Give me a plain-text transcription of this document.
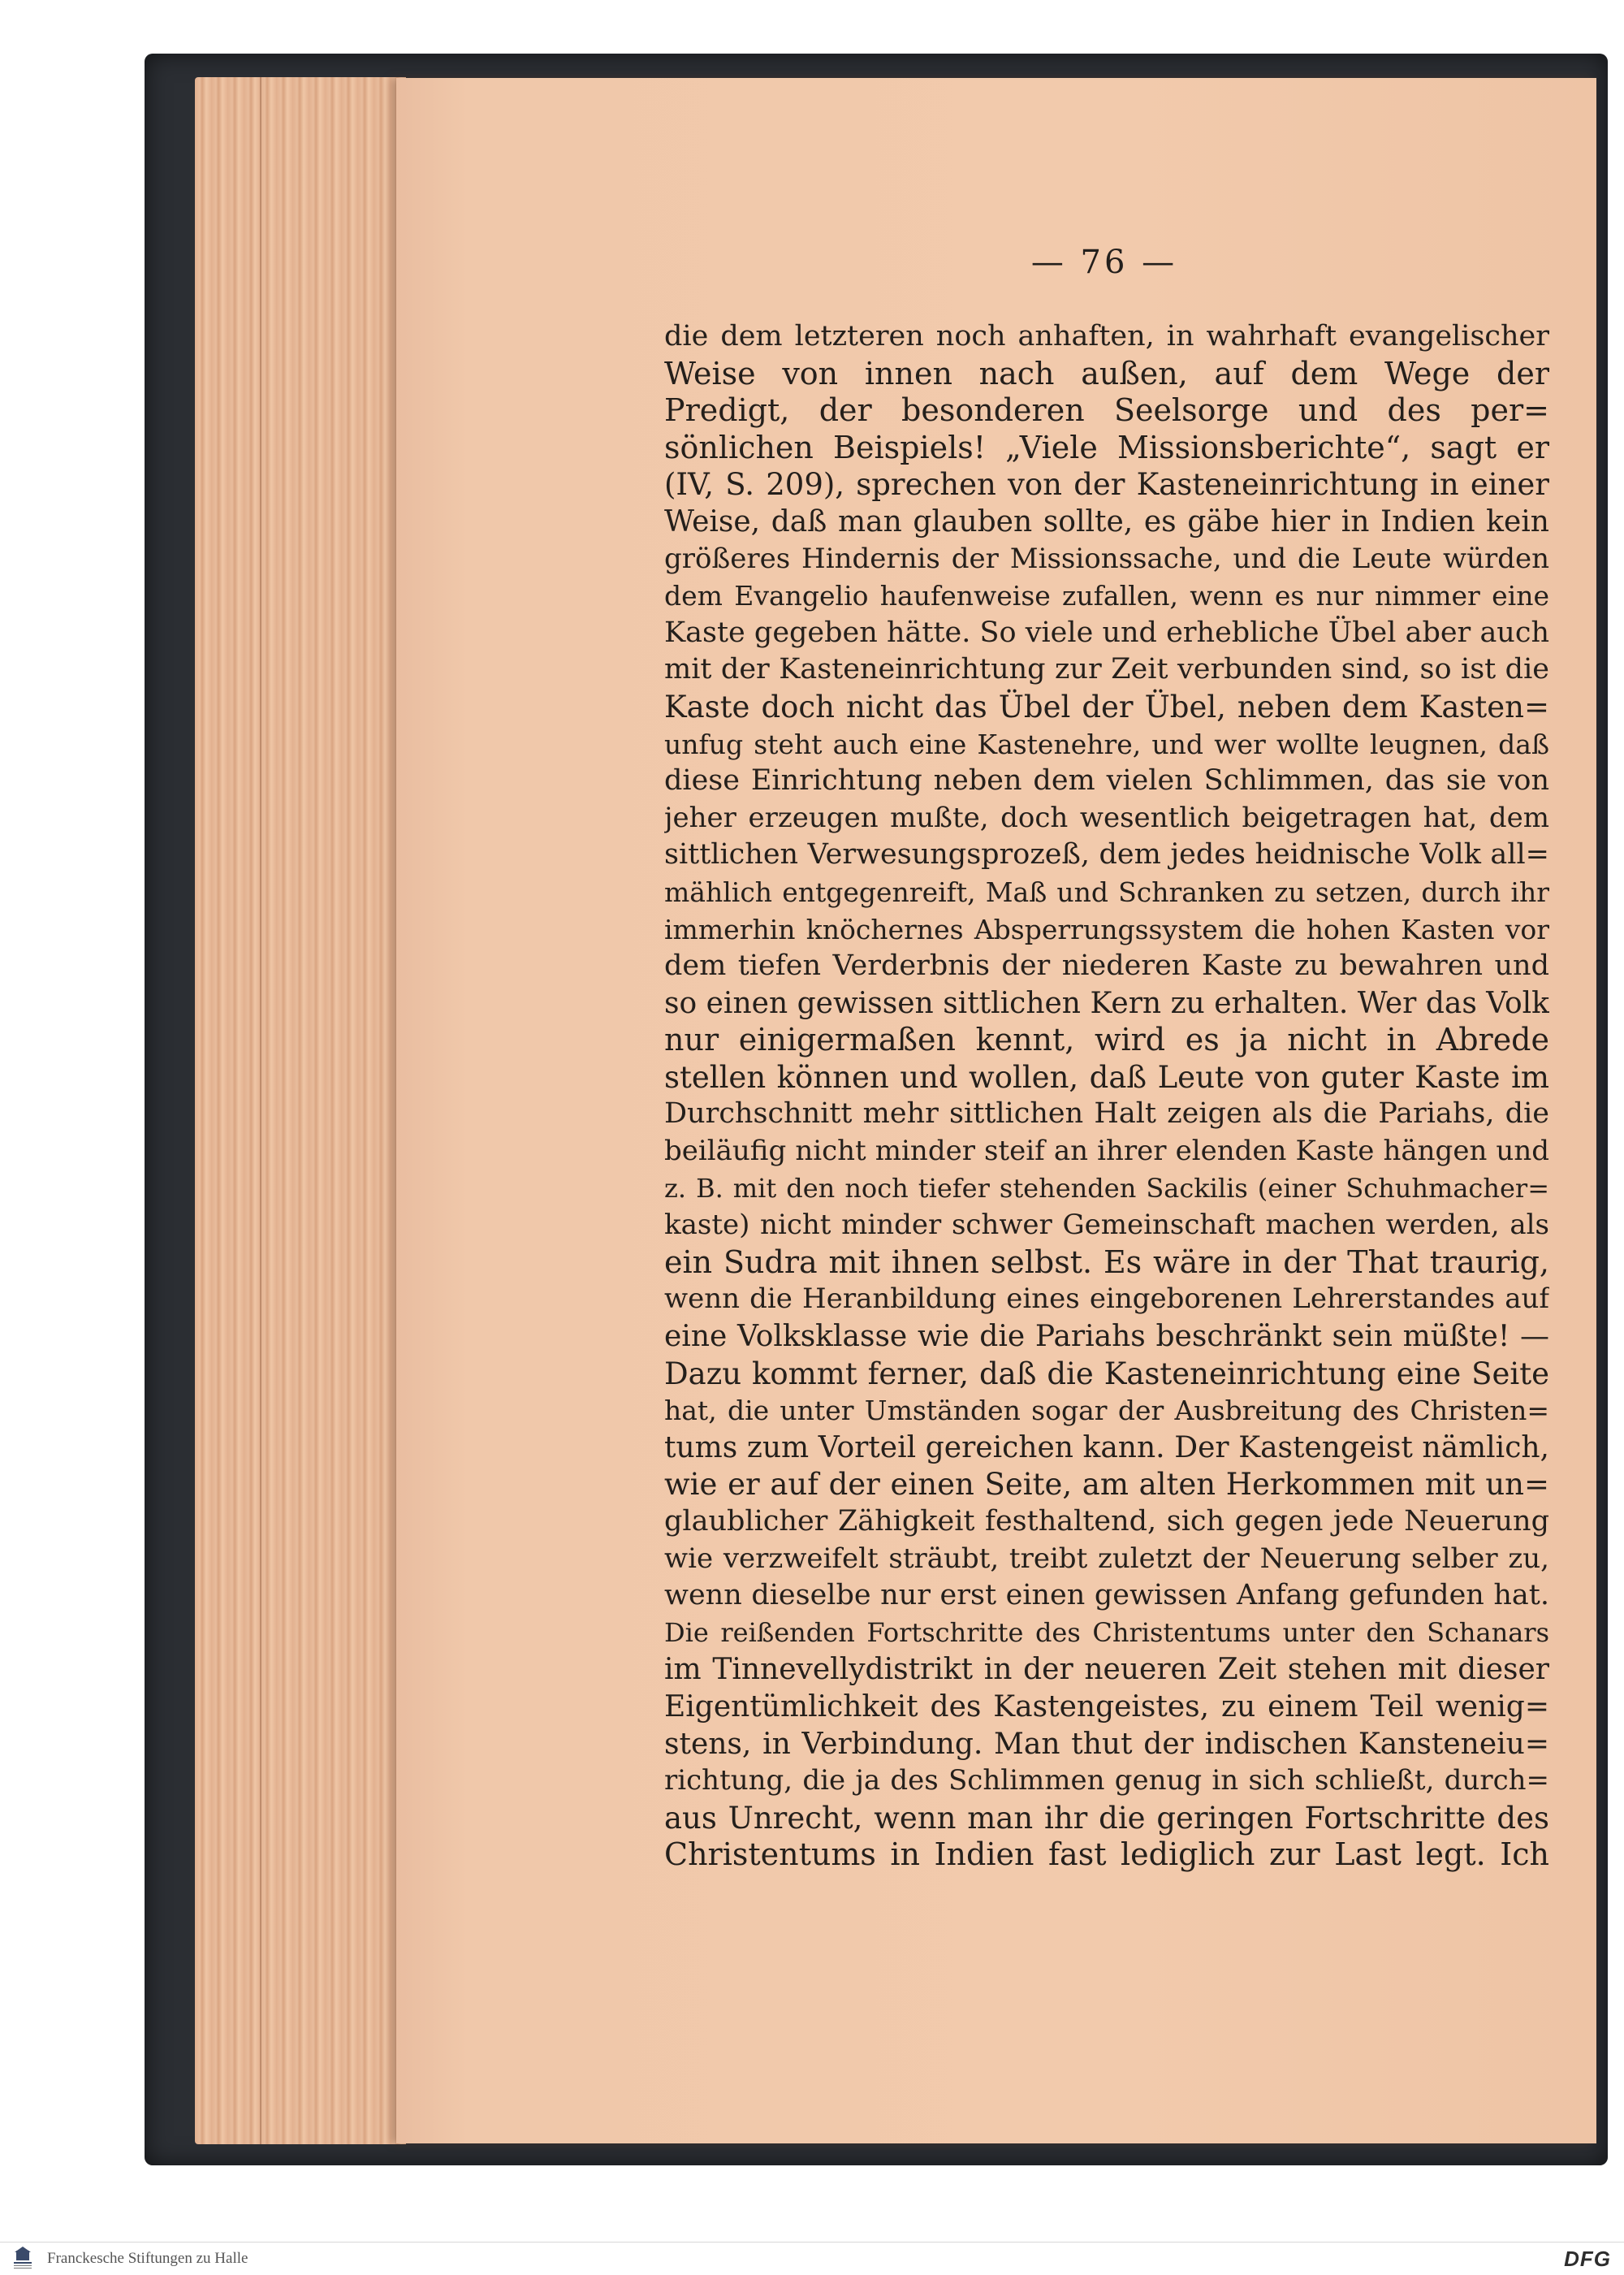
— 76 —
die dem letzteren noch anhaften, in wahrhaft evangelischer
Weise von innen nach außen, auf dem Wege der
Predigt, der besonderen Seelsorge und des per=
sönlichen Beispiels! „Viele Missionsberichte“, sagt er
(IV, S. 209), sprechen von der Kasteneinrichtung in einer
Weise, daß man glauben sollte, es gäbe hier in Indien kein
größeres Hindernis der Missionssache, und die Leute würden
dem Evangelio haufenweise zufallen, wenn es nur nimmer eine
Kaste gegeben hätte. So viele und erhebliche Übel aber auch
mit der Kasteneinrichtung zur Zeit verbunden sind, so ist die
Kaste doch nicht das Übel der Übel, neben dem Kasten=
unfug steht auch eine Kastenehre, und wer wollte leugnen, daß
diese Einrichtung neben dem vielen Schlimmen, das sie von
jeher erzeugen mußte, doch wesentlich beigetragen hat, dem
sittlichen Verwesungsprozeß, dem jedes heidnische Volk all=
mählich entgegenreift, Maß und Schranken zu setzen, durch ihr
immerhin knöchernes Absperrungssystem die hohen Kasten vor
dem tiefen Verderbnis der niederen Kaste zu bewahren und
so einen gewissen sittlichen Kern zu erhalten. Wer das Volk
nur einigermaßen kennt, wird es ja nicht in Abrede
stellen können und wollen, daß Leute von guter Kaste im
Durchschnitt mehr sittlichen Halt zeigen als die Pariahs, die
beiläufig nicht minder steif an ihrer elenden Kaste hängen und
z. B. mit den noch tiefer stehenden Sackilis (einer Schuhmacher=
kaste) nicht minder schwer Gemeinschaft machen werden, als
ein Sudra mit ihnen selbst. Es wäre in der That traurig,
wenn die Heranbildung eines eingeborenen Lehrerstandes auf
eine Volksklasse wie die Pariahs beschränkt sein müßte! —
Dazu kommt ferner, daß die Kasteneinrichtung eine Seite
hat, die unter Umständen sogar der Ausbreitung des Christen=
tums zum Vorteil gereichen kann. Der Kastengeist nämlich,
wie er auf der einen Seite, am alten Herkommen mit un=
glaublicher Zähigkeit festhaltend, sich gegen jede Neuerung
wie verzweifelt sträubt, treibt zuletzt der Neuerung selber zu,
wenn dieselbe nur erst einen gewissen Anfang gefunden hat.
Die reißenden Fortschritte des Christentums unter den Schanars
im Tinnevellydistrikt in der neueren Zeit stehen mit dieser
Eigentümlichkeit des Kastengeistes, zu einem Teil wenig=
stens, in Verbindung. Man thut der indischen Kansteneiu=
richtung, die ja des Schlimmen genug in sich schließt, durch=
aus Unrecht, wenn man ihr die geringen Fortschritte des
Christentums in Indien fast lediglich zur Last legt. Ich
Franckesche Stiftungen zu Halle	DFG
